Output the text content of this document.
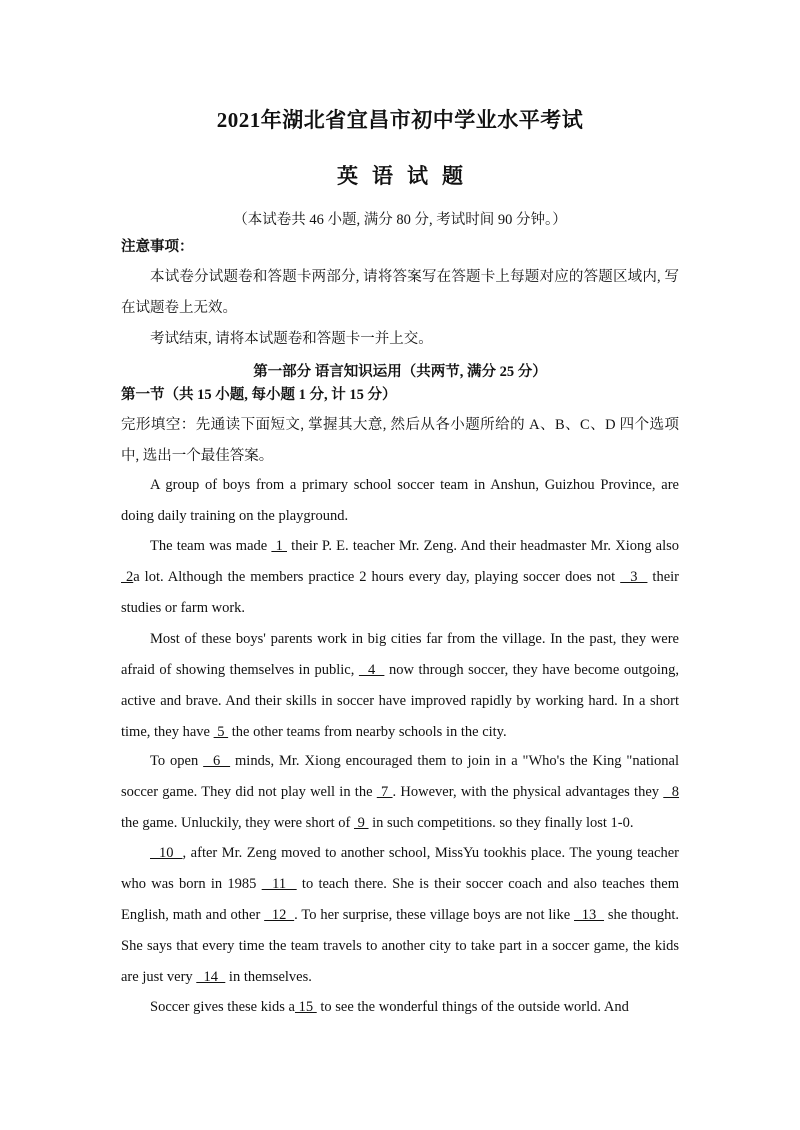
2021年湖北省宜昌市初中学业水平考试
英语试题
（本试卷共 46 小题, 满分 80 分, 考试时间 90 分钟。）
注意事项：
本试卷分试题卷和答题卡两部分, 请将答案写在答题卡上每题对应的答题区域内, 写在试题卷上无效。
考试结束, 请将本试题卷和答题卡一并上交。
第一部分 语言知识运用（共两节, 满分 25 分）
第一节（共 15 小题, 每小题 1 分, 计 15 分）
完形填空：先通读下面短文, 掌握其大意, 然后从各小题所给的 A、B、C、D 四个选项中, 选出一个最佳答案。
A group of boys from a primary school soccer team in Anshun, Guizhou Province, are doing daily training on the playground.
The team was made  1  their P. E. teacher Mr. Zeng. And their headmaster Mr. Xiong also 2a lot. Although the members practice 2 hours every day, playing soccer does not   3   their studies or farm work.
Most of these boys' parents work in big cities far from the village. In the past, they were afraid of showing themselves in public,   4   now through soccer, they have become outgoing, active and brave. And their skills in soccer have improved rapidly by working hard. In a short time, they have  5  the other teams from nearby schools in the city.
To open   6   minds, Mr. Xiong encouraged them to join in a "Who's the King "national soccer game. They did not play well in the  7 . However, with the physical advantages they   8 the game. Unluckily, they were short of  9  in such competitions. so they finally lost 1-0.
10  , after Mr. Zeng moved to another school, MissYu tookhis place. The young teacher who was born in 1985   11   to teach there. She is their soccer coach and also teaches them English, math and other   12  . To her surprise, these village boys are not like   13   she thought. She says that every time the team travels to another city to take part in a soccer game, the kids are just very   14   in themselves.
Soccer gives these kids a 15  to see the wonderful things of the outside world. And
